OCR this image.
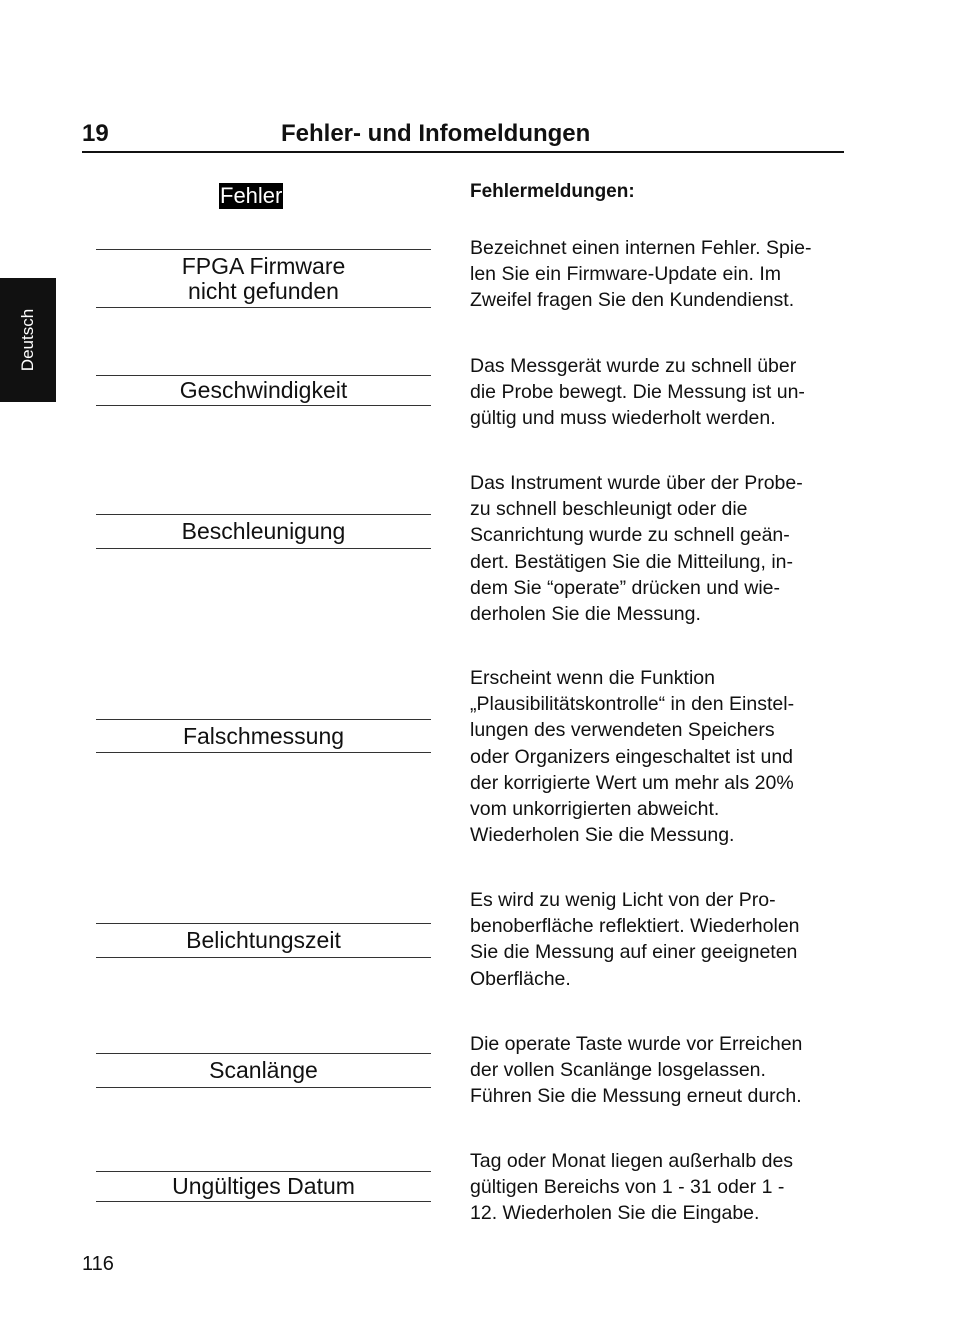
Deutsch
19	Fehler- und Infomeldungen
Fehler	Fehlermeldungen:
FPGA Firmware
nicht gefunden
Bezeichnet einen internen Fehler. Spie-
len Sie ein Firmware-Update ein. Im
Zweifel fragen Sie den Kundendienst.
Geschwindigkeit
Das Messgerät wurde zu schnell über
die Probe bewegt. Die Messung ist un-
gültig und muss wiederholt werden.
Beschleunigung
Das Instrument wurde über der Probe-
zu schnell beschleunigt oder die
Scanrichtung wurde zu schnell geän-
dert. Bestätigen Sie die Mitteilung, in-
dem Sie “operate” drücken und wie-
derholen Sie die Messung.
Falschmessung
Erscheint wenn die Funktion
„Plausibilitätskontrolle“ in den Einstel-
lungen des verwendeten Speichers
oder Organizers eingeschaltet ist und
der korrigierte Wert um mehr als 20%
vom unkorrigierten abweicht.
Wiederholen Sie die Messung.
Belichtungszeit
Es wird zu wenig Licht von der Pro-
benoberfläche reflektiert. Wiederholen
Sie die Messung auf einer geeigneten
Oberfläche.
Scanlänge
Die operate Taste wurde vor Erreichen
der vollen Scanlänge losgelassen.
Führen Sie die Messung erneut durch.
Ungültiges Datum
Tag oder Monat liegen außerhalb des
gültigen Bereichs von 1 - 31 oder 1 -
12. Wiederholen Sie die Eingabe.
116
